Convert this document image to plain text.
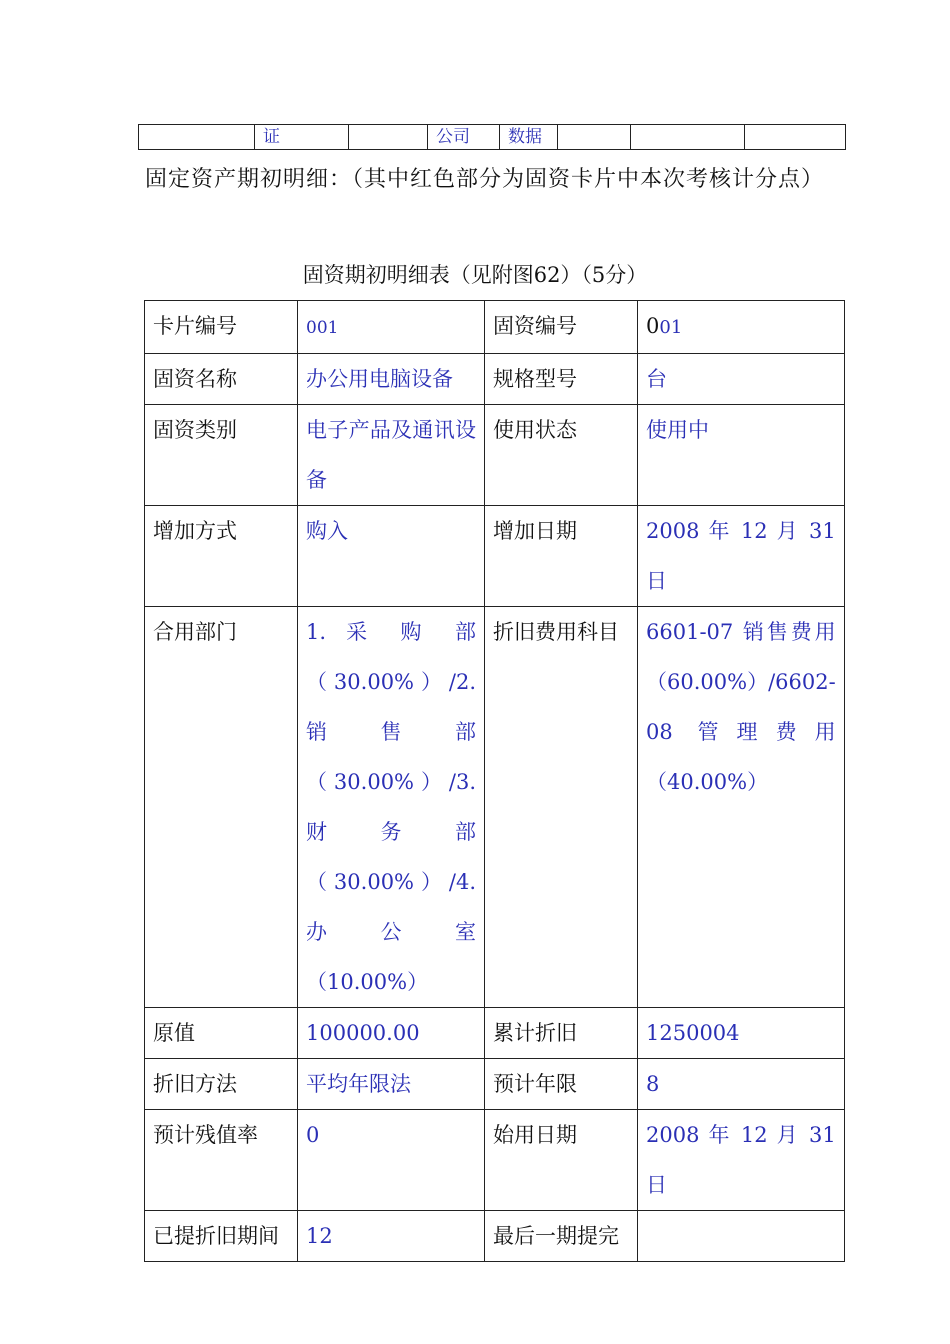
	证		公司	数据			
固定资产期初明细：（其中红色部分为固资卡片中本次考核计分点）
固资期初明细表（见附图62）（5分）
卡片编号	001	固资编号	001
固资名称	办公用电脑设备	规格型号	台
固资类别	电子产品及通讯设备	使用状态	使用中
增加方式	购入	增加日期	2008 年 12 月 31 日
合用部门	1. 采 购 部（30.00%）/2.销售部（30.00%）/3.财务部（30.00%）/4.办公室（10.00%）	折旧费用科目	6601-07 销售费用（60.00%）/6602-08 管理费用（40.00%）
原值	100000.00	累计折旧	1250004
折旧方法	平均年限法	预计年限	8
预计残值率	0	始用日期	2008 年 12 月 31 日
已提折旧期间	12	最后一期提完	
